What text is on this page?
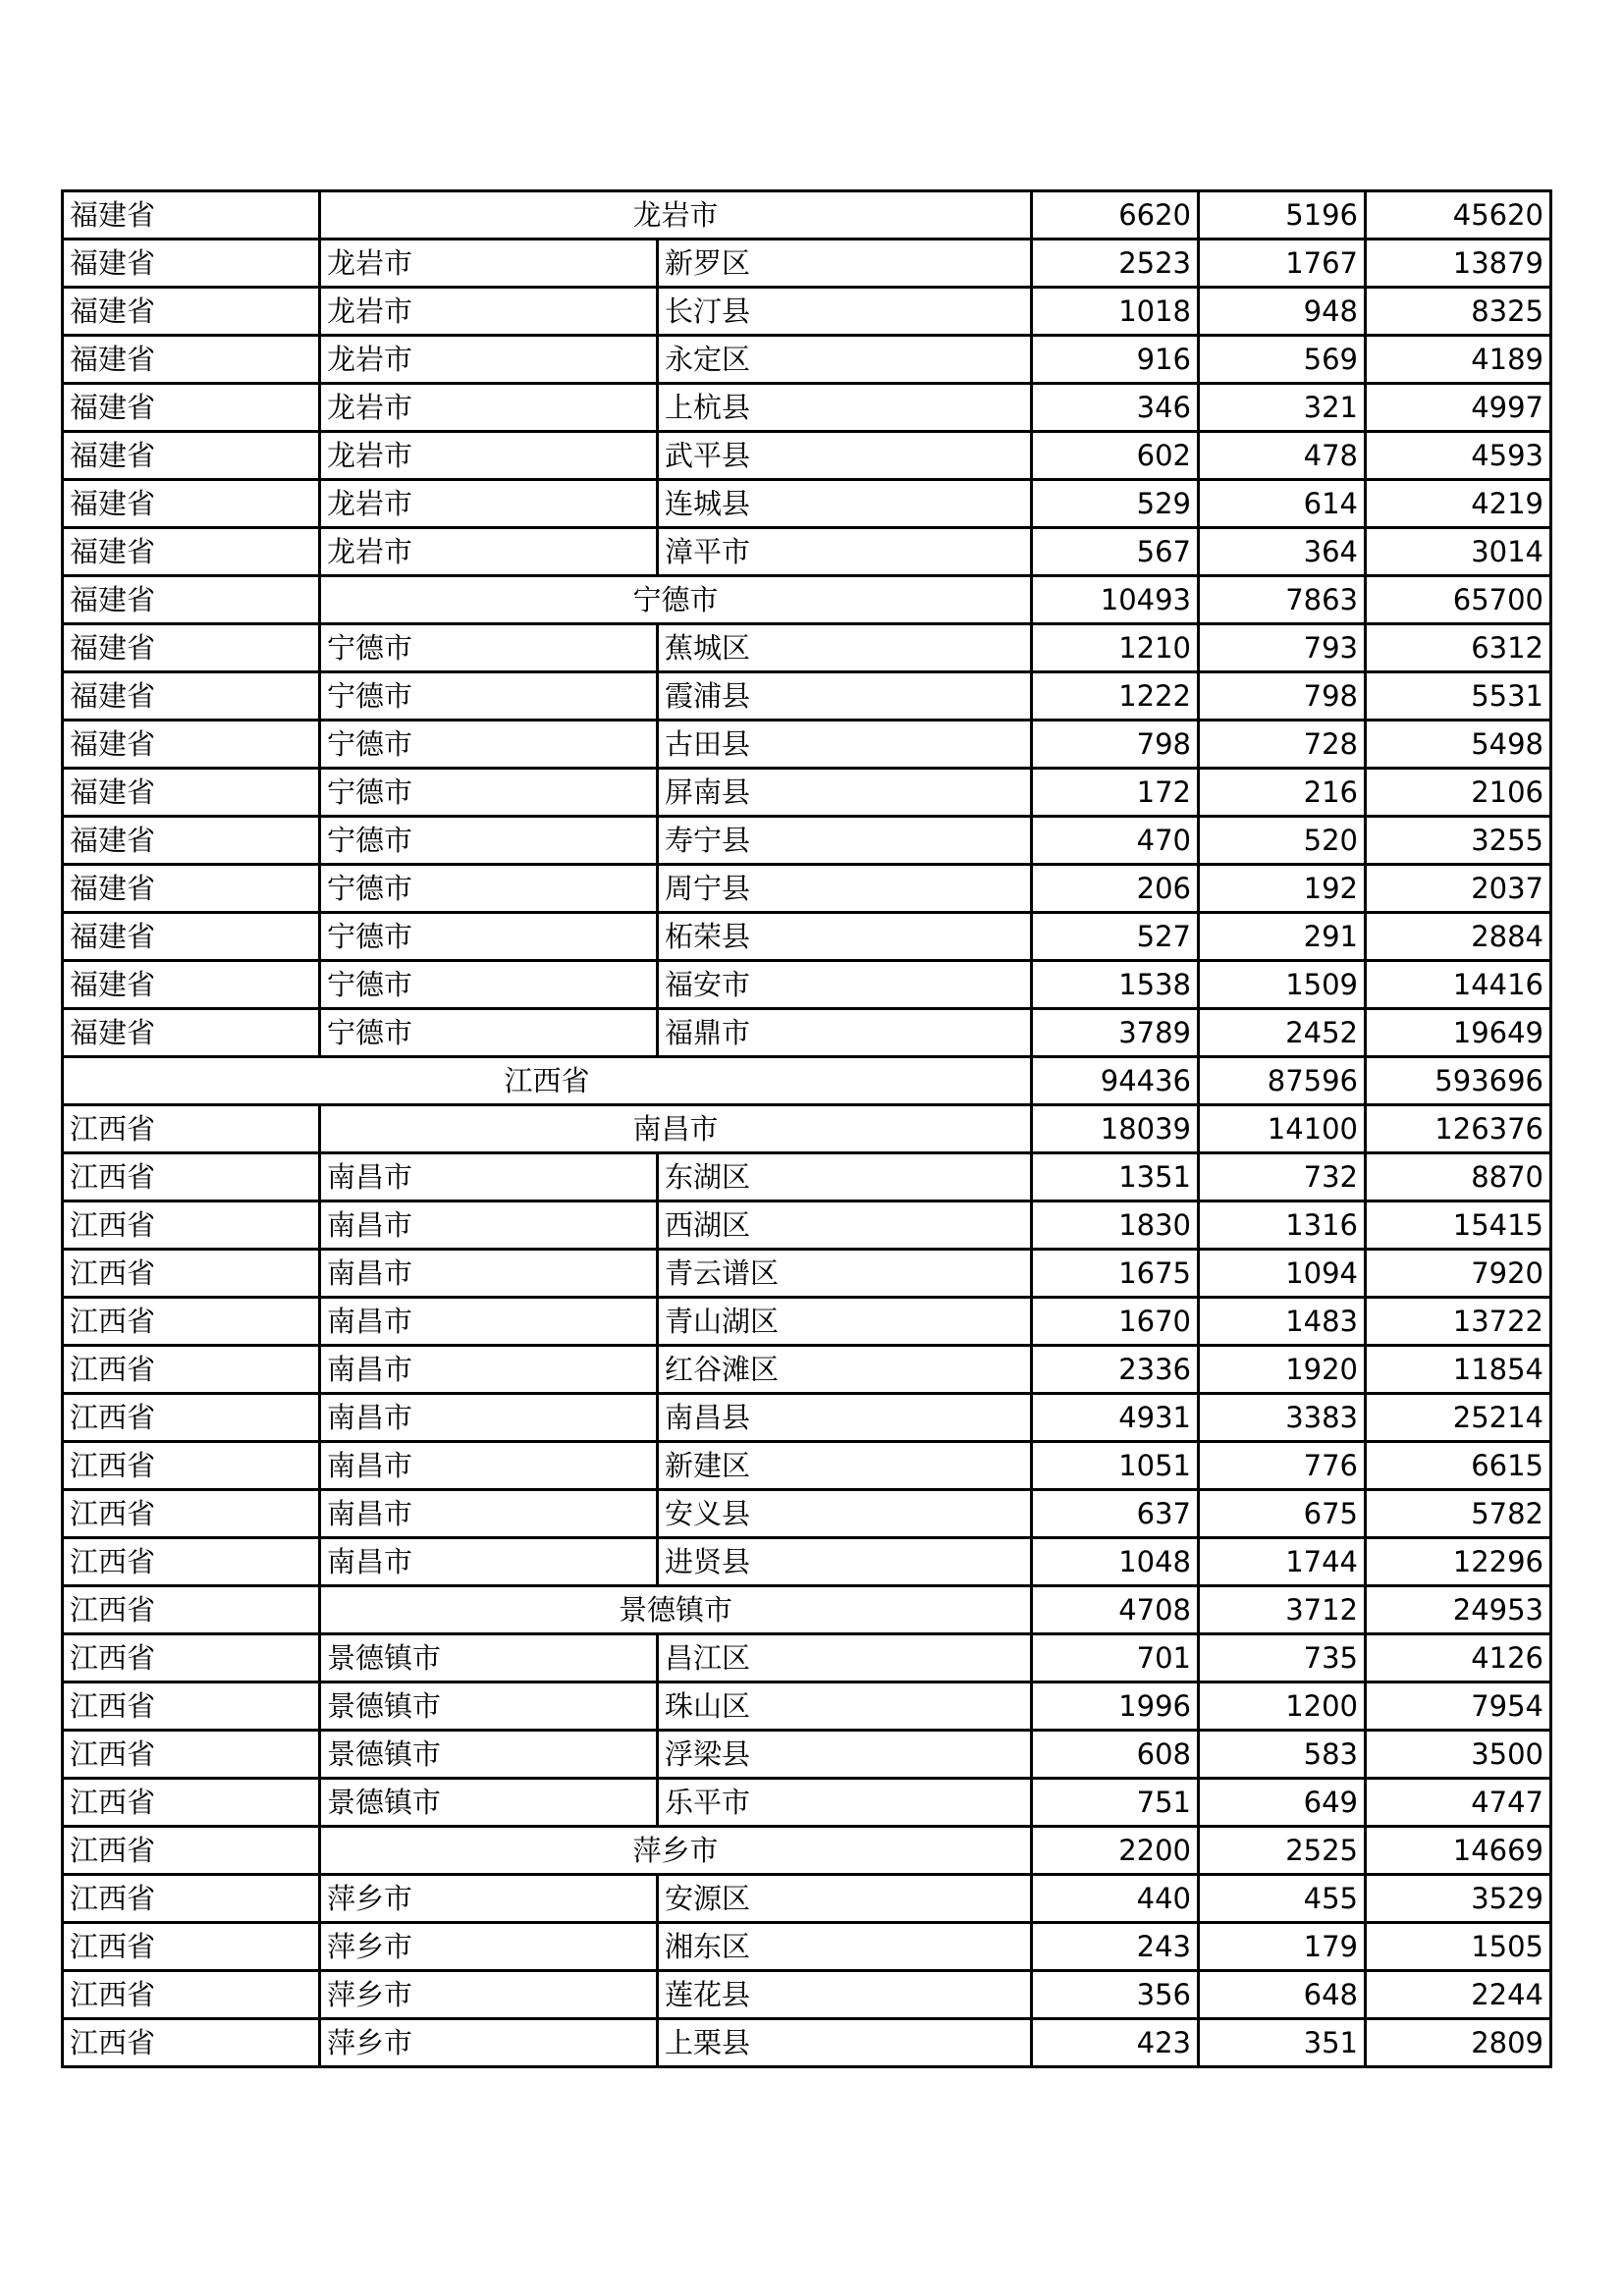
福建省	龙岩市		6620	5196	45620
福建省	龙岩市	新罗区	2523	1767	13879
福建省	龙岩市	长汀县	1018	948	8325
福建省	龙岩市	永定区	916	569	4189
福建省	龙岩市	上杭县	346	321	4997
福建省	龙岩市	武平县	602	478	4593
福建省	龙岩市	连城县	529	614	4219
福建省	龙岩市	漳平市	567	364	3014
福建省	宁德市		10493	7863	65700
福建省	宁德市	蕉城区	1210	793	6312
福建省	宁德市	霞浦县	1222	798	5531
福建省	宁德市	古田县	798	728	5498
福建省	宁德市	屏南县	172	216	2106
福建省	宁德市	寿宁县	470	520	3255
福建省	宁德市	周宁县	206	192	2037
福建省	宁德市	柘荣县	527	291	2884
福建省	宁德市	福安市	1538	1509	14416
福建省	宁德市	福鼎市	3789	2452	19649
江西省			94436	87596	593696
江西省	南昌市		18039	14100	126376
江西省	南昌市	东湖区	1351	732	8870
江西省	南昌市	西湖区	1830	1316	15415
江西省	南昌市	青云谱区	1675	1094	7920
江西省	南昌市	青山湖区	1670	1483	13722
江西省	南昌市	红谷滩区	2336	1920	11854
江西省	南昌市	南昌县	4931	3383	25214
江西省	南昌市	新建区	1051	776	6615
江西省	南昌市	安义县	637	675	5782
江西省	南昌市	进贤县	1048	1744	12296
江西省	景德镇市		4708	3712	24953
江西省	景德镇市	昌江区	701	735	4126
江西省	景德镇市	珠山区	1996	1200	7954
江西省	景德镇市	浮梁县	608	583	3500
江西省	景德镇市	乐平市	751	649	4747
江西省	萍乡市		2200	2525	14669
江西省	萍乡市	安源区	440	455	3529
江西省	萍乡市	湘东区	243	179	1505
江西省	萍乡市	莲花县	356	648	2244
江西省	萍乡市	上栗县	423	351	2809
